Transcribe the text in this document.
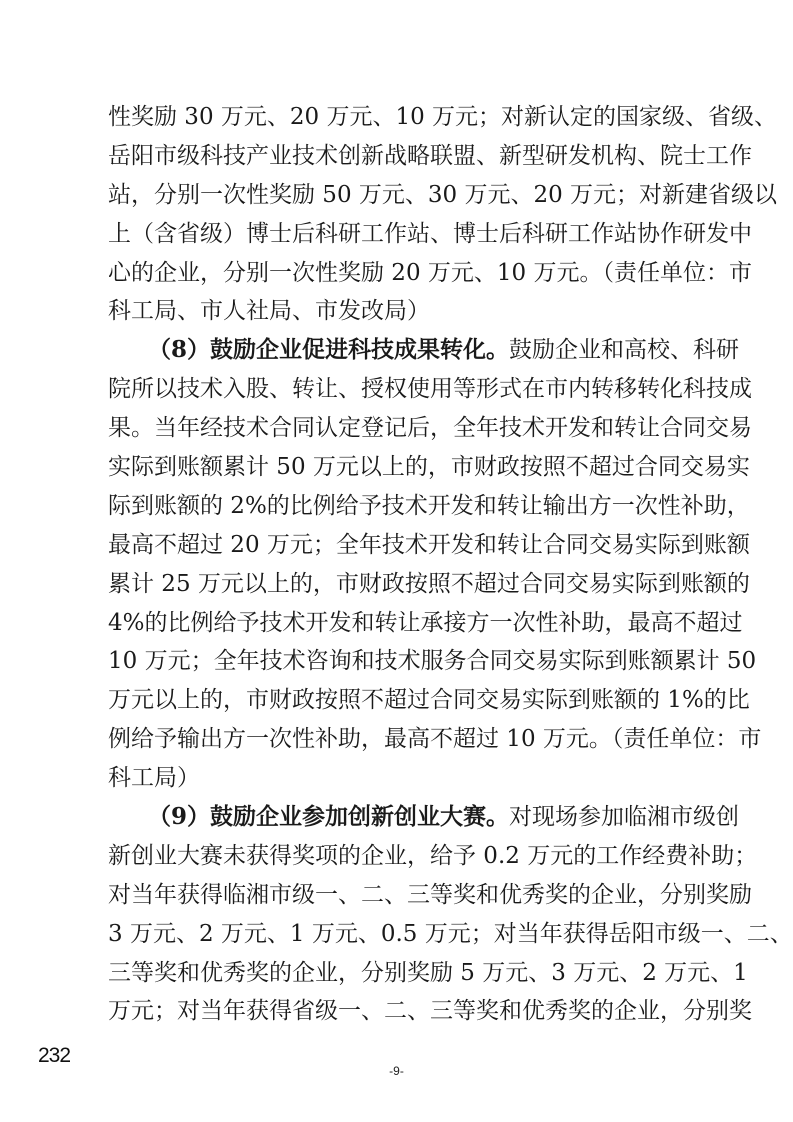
性奖励 30 万元、20 万元、10 万元；对新认定的国家级、省级、
岳阳市级科技产业技术创新战略联盟、新型研发机构、院士工作
站，分别一次性奖励 50 万元、30 万元、20 万元；对新建省级以
上（含省级）博士后科研工作站、博士后科研工作站协作研发中
心的企业，分别一次性奖励 20 万元、10 万元。（责任单位：市
科工局、市人社局、市发改局）
（8）鼓励企业促进科技成果转化。鼓励企业和高校、科研
院所以技术入股、转让、授权使用等形式在市内转移转化科技成
果。当年经技术合同认定登记后，全年技术开发和转让合同交易
实际到账额累计 50 万元以上的，市财政按照不超过合同交易实
际到账额的 2%的比例给予技术开发和转让输出方一次性补助，
最高不超过 20 万元；全年技术开发和转让合同交易实际到账额
累计 25 万元以上的，市财政按照不超过合同交易实际到账额的
4%的比例给予技术开发和转让承接方一次性补助，最高不超过
10 万元；全年技术咨询和技术服务合同交易实际到账额累计 50
万元以上的，市财政按照不超过合同交易实际到账额的 1%的比
例给予输出方一次性补助，最高不超过 10 万元。（责任单位：市
科工局）
（9）鼓励企业参加创新创业大赛。对现场参加临湘市级创
新创业大赛未获得奖项的企业，给予 0.2 万元的工作经费补助；
对当年获得临湘市级一、二、三等奖和优秀奖的企业，分别奖励
3 万元、2 万元、1 万元、0.5 万元；对当年获得岳阳市级一、二、
三等奖和优秀奖的企业，分别奖励 5 万元、3 万元、2 万元、1
万元；对当年获得省级一、二、三等奖和优秀奖的企业，分别奖
232
-9-
